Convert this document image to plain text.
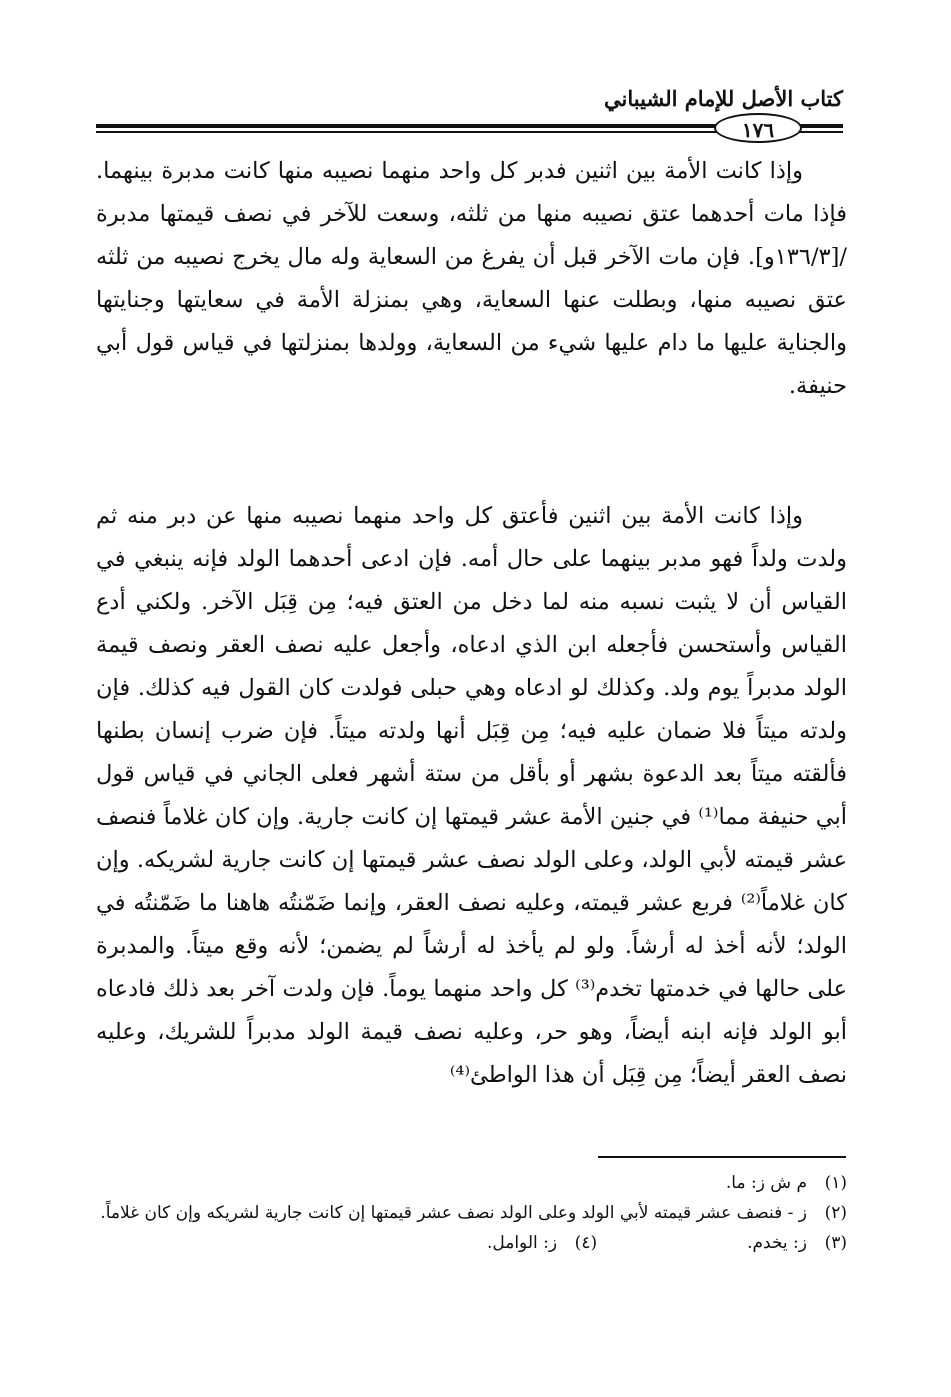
كتاب الأصل للإمام الشيباني
١٧٦

وإذا كانت الأمة بين اثنين فدبر كل واحد منهما نصيبه منها كانت مدبرة بينهما. فإذا مات أحدهما عتق نصيبه منها من ثلثه، وسعت للآخر في نصف قيمتها مدبرة /[١٣٦/٣و]. فإن مات الآخر قبل أن يفرغ من السعاية وله مال يخرج نصيبه من ثلثه عتق نصيبه منها، وبطلت عنها السعاية، وهي بمنزلة الأمة في سعايتها وجنايتها والجناية عليها ما دام عليها شيء من السعاية، وولدها بمنزلتها في قياس قول أبي حنيفة.

وإذا كانت الأمة بين اثنين فأعتق كل واحد منهما نصيبه منها عن دبر منه ثم ولدت ولداً فهو مدبر بينهما على حال أمه. فإن ادعى أحدهما الولد فإنه ينبغي في القياس أن لا يثبت نسبه منه لما دخل من العتق فيه؛ مِن قِبَل الآخر. ولكني أدع القياس وأستحسن فأجعله ابن الذي ادعاه، وأجعل عليه نصف العقر ونصف قيمة الولد مدبراً يوم ولد. وكذلك لو ادعاه وهي حبلى فولدت كان القول فيه كذلك. فإن ولدته ميتاً فلا ضمان عليه فيه؛ مِن قِبَل أنها ولدته ميتاً. فإن ضرب إنسان بطنها فألقته ميتاً بعد الدعوة بشهر أو بأقل من ستة أشهر فعلى الجاني في قياس قول أبي حنيفة مما⁽¹⁾ في جنين الأمة عشر قيمتها إن كانت جارية. وإن كان غلاماً فنصف عشر قيمته لأبي الولد، وعلى الولد نصف عشر قيمتها إن كانت جارية لشريكه. وإن كان غلاماً⁽²⁾ فربع عشر قيمته، وعليه نصف العقر، وإنما ضَمّنتُه هاهنا ما ضَمّنتُه في الولد؛ لأنه أخذ له أرشاً. ولو لم يأخذ له أرشاً لم يضمن؛ لأنه وقع ميتاً. والمدبرة على حالها في خدمتها تخدم⁽³⁾ كل واحد منهما يوماً. فإن ولدت آخر بعد ذلك فادعاه أبو الولد فإنه ابنه أيضاً، وهو حر، وعليه نصف قيمة الولد مدبراً للشريك، وعليه نصف العقر أيضاً؛ مِن قِبَل أن هذا الواطئ⁽⁴⁾

(١)
م ش ز: ما.
(٢)
ز - فنصف عشر قيمته لأبي الولد وعلى الولد نصف عشر قيمتها إن كانت جارية لشريكه وإن كان غلاماً.
(٣)
ز: يخدم.
(٤)
ز: الوامل.
